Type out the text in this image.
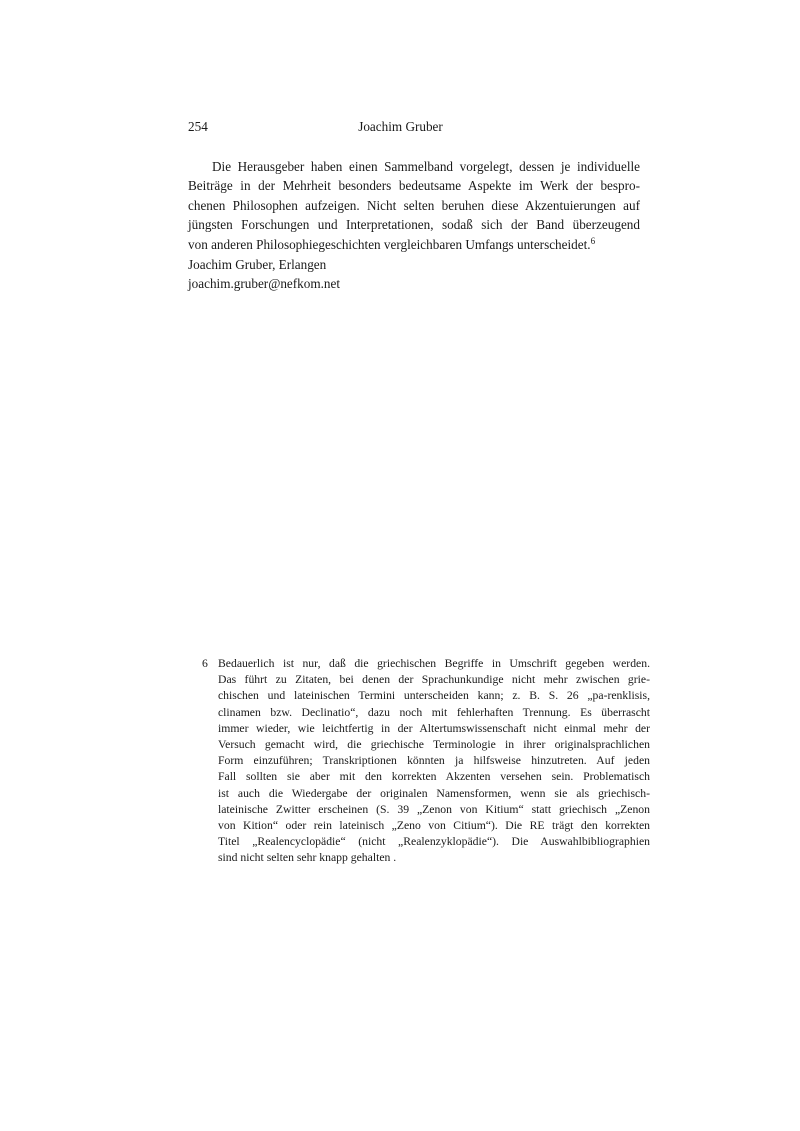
254	Joachim Gruber
Die Herausgeber haben einen Sammelband vorgelegt, dessen je individuelle
Beiträge in der Mehrheit besonders bedeutsame Aspekte im Werk der bespro-
chenen Philosophen aufzeigen. Nicht selten beruhen diese Akzentuierungen auf
jüngsten Forschungen und Interpretationen, sodaß sich der Band überzeugend
von anderen Philosophiegeschichten vergleichbaren Umfangs unterscheidet.$^6$
Joachim Gruber, Erlangen
joachim.gruber@nefkom.net
6 Bedauerlich ist nur, daß die griechischen Begriffe in Umschrift gegeben werden.
Das führt zu Zitaten, bei denen der Sprachunkundige nicht mehr zwischen grie-
chischen und lateinischen Termini unterscheiden kann; z. B. S. 26 „pa-renklisis,
clinamen bzw. Declinatio“, dazu noch mit fehlerhaften Trennung. Es überrascht
immer wieder, wie leichtfertig in der Altertumswissenschaft nicht einmal mehr der
Versuch gemacht wird, die griechische Terminologie in ihrer originalsprachlichen
Form einzuführen; Transkriptionen könnten ja hilfsweise hinzutreten. Auf jeden
Fall sollten sie aber mit den korrekten Akzenten versehen sein. Problematisch
ist auch die Wiedergabe der originalen Namensformen, wenn sie als griechisch-
lateinische Zwitter erscheinen (S. 39 „Zenon von Kitium“ statt griechisch „Zenon
von Kition“ oder rein lateinisch „Zeno von Citium“). Die RE trägt den korrekten
Titel „Realencyclopädie“ (nicht „Realenzyklopädie“). Die Auswahlbibliographien
sind nicht selten sehr knapp gehalten .
